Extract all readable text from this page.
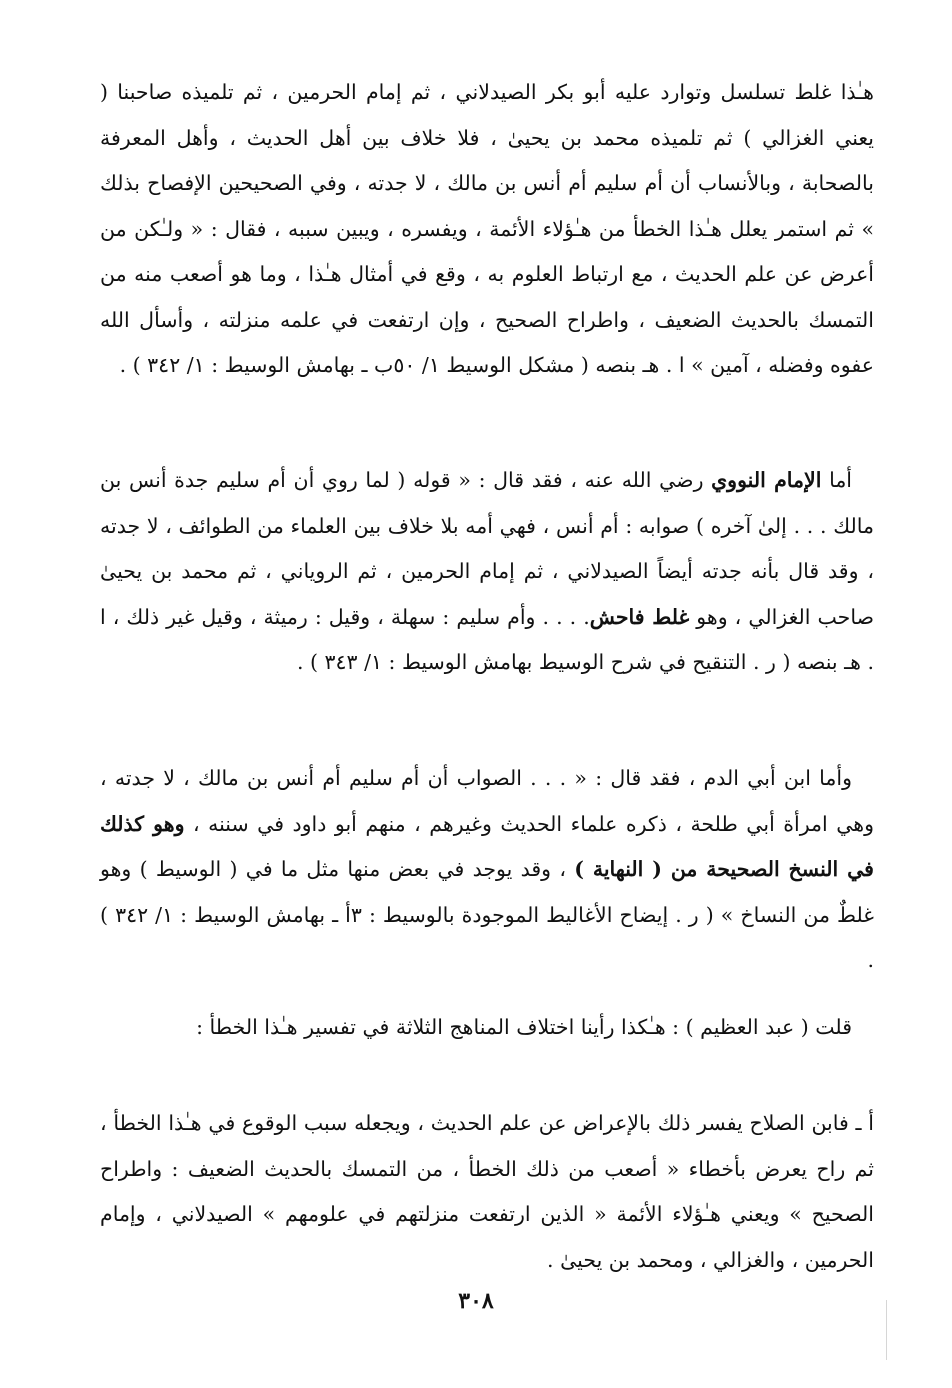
هـٰذا غلط تسلسل وتوارد عليه أبو بكر الصيدلاني ، ثم إمام الحرمين ، ثم تلميذه صاحبنا ( يعني الغزالي ) ثم تلميذه محمد بن يحيىٰ ، فلا خلاف بين أهل الحديث ، وأهل المعرفة بالصحابة ، وبالأنساب أن أم سليم أم أنس بن مالك ، لا جدته ، وفي الصحيحين الإفصاح بذلك » ثم استمر يعلل هـٰذا الخطأ من هـٰؤلاء الأئمة ، ويفسره ، ويبين سببه ، فقال : « ولـٰكن من أعرض عن علم الحديث ، مع ارتباط العلوم به ، وقع في أمثال هـٰذا ، وما هو أصعب منه من التمسك بالحديث الضعيف ، واطراح الصحيح ، وإن ارتفعت في علمه منزلته ، وأسأل الله عفوه وفضله ، آمين » ا . هـ بنصه ( مشكل الوسيط ١/ ٥٠ب ـ بهامش الوسيط : ١/ ٣٤٢ ) .

أما الإمام النووي رضي الله عنه ، فقد قال : « قوله ( لما روي أن أم سليم جدة أنس بن مالك . . . إلىٰ آخره ) صوابه : أم أنس ، فهي أمه بلا خلاف بين العلماء من الطوائف ، لا جدته ، وقد قال بأنه جدته أيضاً الصيدلاني ، ثم إمام الحرمين ، ثم الروياني ، ثم محمد بن يحيىٰ صاحب الغزالي ، وهو غلط فاحش. . . . وأم سليم : سهلة ، وقيل : رميثة ، وقيل غير ذلك ، ا . هـ بنصه ( ر . التنقيح في شرح الوسيط بهامش الوسيط : ١/ ٣٤٣ ) .

وأما ابن أبي الدم ، فقد قال : « . . . الصواب أن أم سليم أم أنس بن مالك ، لا جدته ، وهي امرأة أبي طلحة ، ذكره علماء الحديث وغيرهم ، منهم أبو داود في سننه ، وهو كذلك في النسخ الصحيحة من ( النهاية ) ، وقد يوجد في بعض منها مثل ما في ( الوسيط ) وهو غلطٌ من النساخ » ( ر . إيضاح الأغاليط الموجودة بالوسيط : ٣أ ـ بهامش الوسيط : ١/ ٣٤٢ ) .

قلت ( عبد العظيم ) : هـٰكذا رأينا اختلاف المناهج الثلاثة في تفسير هـٰذا الخطأ :

أ ـ فابن الصلاح يفسر ذلك بالإعراض عن علم الحديث ، ويجعله سبب الوقوع في هـٰذا الخطأ ، ثم راح يعرض بأخطاء « أصعب من ذلك الخطأ ، من التمسك بالحديث الضعيف : واطراح الصحيح » ويعني هـٰؤلاء الأئمة « الذين ارتفعت منزلتهم في علومهم » الصيدلاني ، وإمام الحرمين ، والغزالي ، ومحمد بن يحيىٰ .

٣٠٨
